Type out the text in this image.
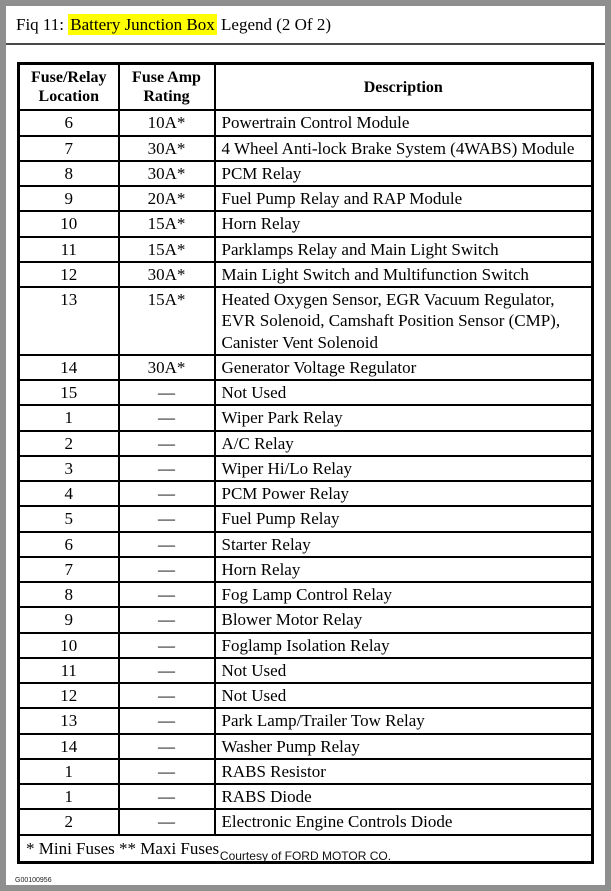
Fiq 11: Battery Junction Box Legend (2 Of 2)
Fuse/Relay Location	Fuse Amp Rating	Description
6	10A*	Powertrain Control Module
7	30A*	4 Wheel Anti-lock Brake System (4WABS) Module
8	30A*	PCM Relay
9	20A*	Fuel Pump Relay and RAP Module
10	15A*	Horn Relay
11	15A*	Parklamps Relay and Main Light Switch
12	30A*	Main Light Switch and Multifunction Switch
13	15A*	Heated Oxygen Sensor, EGR Vacuum Regulator, EVR Solenoid, Camshaft Position Sensor (CMP), Canister Vent Solenoid
14	30A*	Generator Voltage Regulator
15	—	Not Used
1	—	Wiper Park Relay
2	—	A/C Relay
3	—	Wiper Hi/Lo Relay
4	—	PCM Power Relay
5	—	Fuel Pump Relay
6	—	Starter Relay
7	—	Horn Relay
8	—	Fog Lamp Control Relay
9	—	Blower Motor Relay
10	—	Foglamp Isolation Relay
11	—	Not Used
12	—	Not Used
13	—	Park Lamp/Trailer Tow Relay
14	—	Washer Pump Relay
1	—	RABS Resistor
1	—	RABS Diode
2	—	Electronic Engine Controls Diode
* Mini Fuses ** Maxi Fuses		
G00100956
Courtesy of FORD MOTOR CO.
